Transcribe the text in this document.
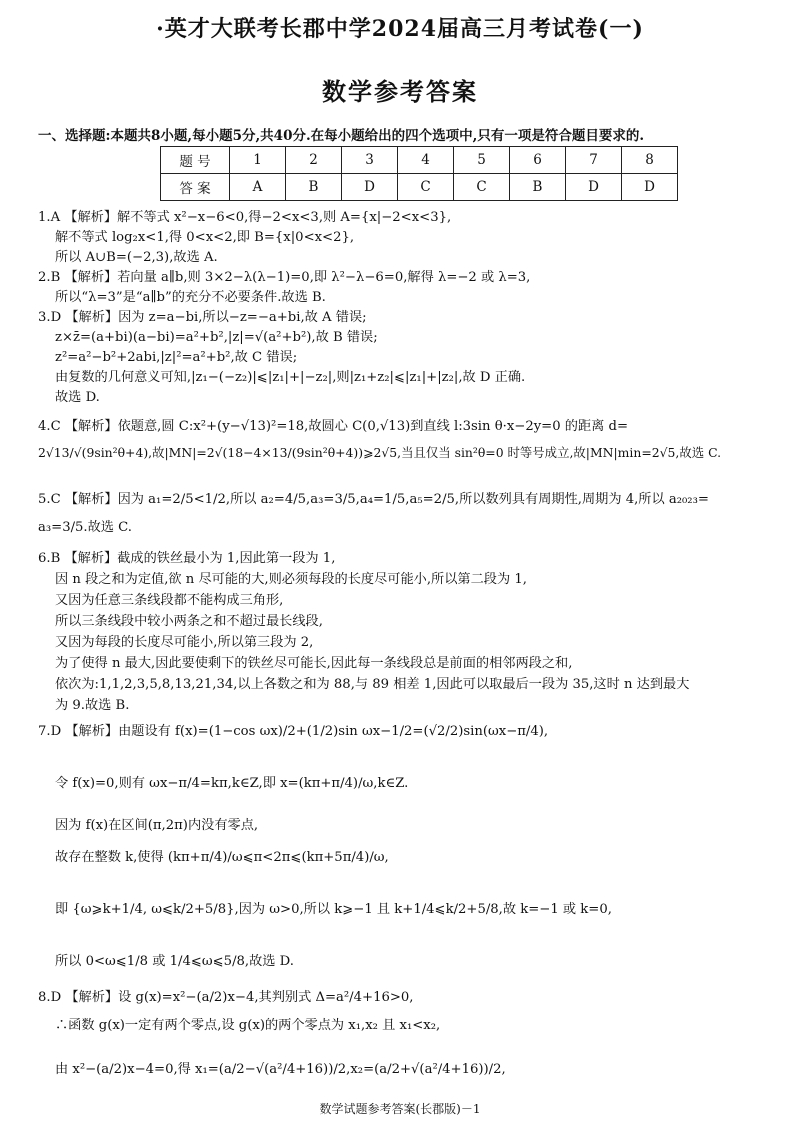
·英才大联考长郡中学2024届高三月考试卷(一)
数学参考答案
一、选择题:本题共8小题,每小题5分,共40分.在每小题给出的四个选项中,只有一项是符合题目要求的.
题 号	1	2	3	4	5	6	7	8
答 案	A	B	D	C	C	B	D	D

1.A 【解析】解不等式 x²−x−6<0,得−2<x<3,则 A={x|−2<x<3},

解不等式 log₂x<1,得 0<x<2,即 B={x|0<x<2},

所以 A∪B=(−2,3),故选 A.

2.B 【解析】若向量 a∥b,则 3×2−λ(λ−1)=0,即 λ²−λ−6=0,解得 λ=−2 或 λ=3,

所以“λ=3”是“a∥b”的充分不必要条件.故选 B.

3.D 【解析】因为 z=a−bi,所以−z=−a+bi,故 A 错误;

z×z̄=(a+bi)(a−bi)=a²+b²,|z|=√(a²+b²),故 B 错误;

z²=a²−b²+2abi,|z|²=a²+b²,故 C 错误;

由复数的几何意义可知,|z₁−(−z₂)|⩽|z₁|+|−z₂|,则|z₁+z₂|⩽|z₁|+|z₂|,故 D 正确.

故选 D.

4.C 【解析】依题意,圆 C:x²+(y−√13)²=18,故圆心 C(0,√13)到直线 l:3sin θ·x−2y=0 的距离 d=

2√13/√(9sin²θ+4),故|MN|=2√(18−4×13/(9sin²θ+4))⩾2√5,当且仅当 sin²θ=0 时等号成立,故|MN|min=2√5,故选 C.

5.C 【解析】因为 a₁=2/5<1/2,所以 a₂=4/5,a₃=3/5,a₄=1/5,a₅=2/5,所以数列具有周期性,周期为 4,所以 a₂₀₂₃=

a₃=3/5.故选 C.

6.B 【解析】截成的铁丝最小为 1,因此第一段为 1,

因 n 段之和为定值,欲 n 尽可能的大,则必须每段的长度尽可能小,所以第二段为 1,

又因为任意三条线段都不能构成三角形,

所以三条线段中较小两条之和不超过最长线段,

又因为每段的长度尽可能小,所以第三段为 2,

为了使得 n 最大,因此要使剩下的铁丝尽可能长,因此每一条线段总是前面的相邻两段之和,

依次为:1,1,2,3,5,8,13,21,34,以上各数之和为 88,与 89 相差 1,因此可以取最后一段为 35,这时 n 达到最大

为 9.故选 B.

7.D 【解析】由题设有 f(x)=(1−cos ωx)/2+(1/2)sin ωx−1/2=(√2/2)sin(ωx−π/4),

令 f(x)=0,则有 ωx−π/4=kπ,k∈Z,即 x=(kπ+π/4)/ω,k∈Z.

因为 f(x)在区间(π,2π)内没有零点,

故存在整数 k,使得 (kπ+π/4)/ω⩽π<2π⩽(kπ+5π/4)/ω,

即 {ω⩾k+1/4, ω⩽k/2+5/8},因为 ω>0,所以 k⩾−1 且 k+1/4⩽k/2+5/8,故 k=−1 或 k=0,

所以 0<ω⩽1/8 或 1/4⩽ω⩽5/8,故选 D.

8.D 【解析】设 g(x)=x²−(a/2)x−4,其判别式 Δ=a²/4+16>0,

∴函数 g(x)一定有两个零点,设 g(x)的两个零点为 x₁,x₂ 且 x₁<x₂,

由 x²−(a/2)x−4=0,得 x₁=(a/2−√(a²/4+16))/2,x₂=(a/2+√(a²/4+16))/2,

数学试题参考答案(长郡版)－1
